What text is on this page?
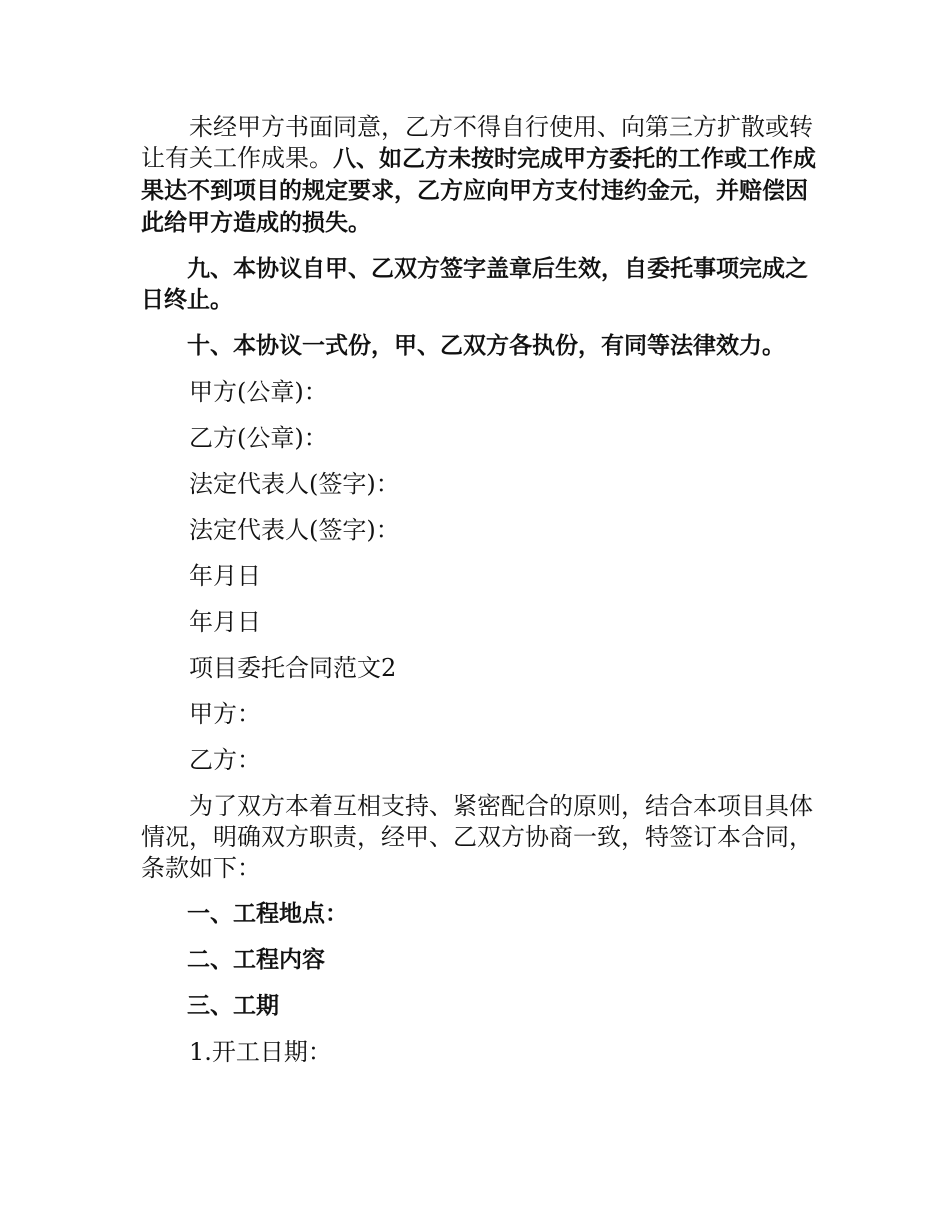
未经甲方书面同意，乙方不得自行使用、向第三方扩散或转让有关工作成果。八、如乙方未按时完成甲方委托的工作或工作成果达不到项目的规定要求，乙方应向甲方支付违约金元，并赔偿因此给甲方造成的损失。

九、本协议自甲、乙双方签字盖章后生效，自委托事项完成之日终止。

十、本协议一式份，甲、乙双方各执份，有同等法律效力。

甲方(公章)：

乙方(公章)：

法定代表人(签字)：

法定代表人(签字)：

年月日

年月日

项目委托合同范文2

甲方：

乙方：

为了双方本着互相支持、紧密配合的原则，结合本项目具体情况，明确双方职责，经甲、乙双方协商一致，特签订本合同，条款如下：

一、工程地点：

二、工程内容

三、工期

1.开工日期：
